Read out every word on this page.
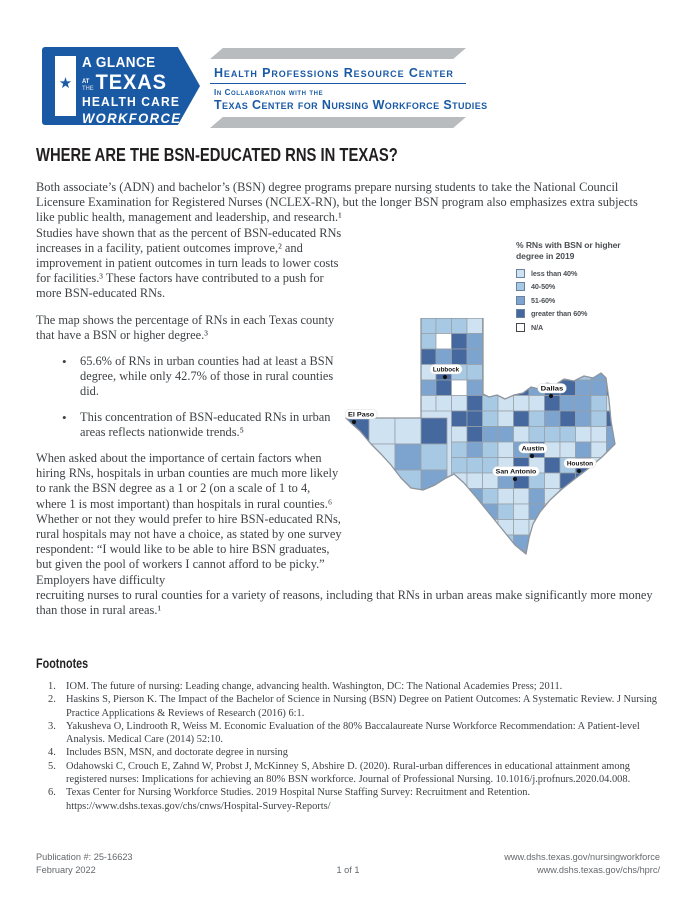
★
A GLANCE
AT
THE TEXAS
HEALTH CARE
WORKFORCE
Health Professions Resource Center
In Collaboration with the
Texas Center for Nursing Workforce Studies
WHERE ARE THE BSN-EDUCATED RNS IN TEXAS?

Both associate’s (ADN) and bachelor’s (BSN) degree programs prepare nursing students to take the National Council Licensure Examination for Registered Nurses (NCLEX-RN), but the longer BSN program also emphasizes extra subjects

like public health, management and leadership, and research.¹ Studies have shown that as the percent of BSN-educated RNs increases in a facility, patient outcomes improve,² and improvement in patient outcomes in turn leads to lower costs for facilities.³ These factors have contributed to a push for more BSN-educated RNs.

The map shows the percentage of RNs in each Texas county that have a BSN or higher degree.³

• 65.6% of RNs in urban counties had at least a BSN degree, while only 42.7% of those in rural counties did.
• This concentration of BSN-educated RNs in urban areas reflects nationwide trends.⁵

When asked about the importance of certain factors when hiring RNs, hospitals in urban counties are much more likely to rank the BSN degree as a 1 or 2 (on a scale of 1 to 4, where 1 is most important) than hospitals in rural counties.⁶ Whether or not they would prefer to hire BSN-educated RNs, rural hospitals may not have a choice, as stated by one survey respondent: “I would like to be able to hire BSN graduates, but given the pool of workers I cannot afford to be picky.” Employers have difficulty

recruiting nurses to rural counties for a variety of reasons, including that RNs in urban areas make significantly more money than those in rural areas.¹

% RNs with BSN or higher degree in 2019
less than 40%
40-50%
51-60%
greater than 60%
N/A
El Paso
Lubbock
Dallas
Austin
San Antonio
Houston
Footnotes
1. IOM. The future of nursing: Leading change, advancing health. Washington, DC: The National Academies Press; 2011.
2. Haskins S, Pierson K. The Impact of the Bachelor of Science in Nursing (BSN) Degree on Patient Outcomes: A Systematic Review. J Nursing Practice Applications & Reviews of Research (2016) 6:1.
3. Yakusheva O, Lindrooth R, Weiss M. Economic Evaluation of the 80% Baccalaureate Nurse Workforce Recommendation: A Patient-level Analysis. Medical Care (2014) 52:10.
4. Includes BSN, MSN, and doctorate degree in nursing
5. Odahowski C, Crouch E, Zahnd W, Probst J, McKinney S, Abshire D. (2020). Rural-urban differences in educational attainment among registered nurses: Implications for achieving an 80% BSN workforce. Journal of Professional Nursing. 10.1016/j.profnurs.2020.04.008.
6. Texas Center for Nursing Workforce Studies. 2019 Hospital Nurse Staffing Survey: Recruitment and Retention. https://www.dshs.texas.gov/chs/cnws/Hospital-Survey-Reports/
Publication #: 25-16623
February 2022	1 of 1
www.dshs.texas.gov/nursingworkforce
www.dshs.texas.gov/chs/hprc/
